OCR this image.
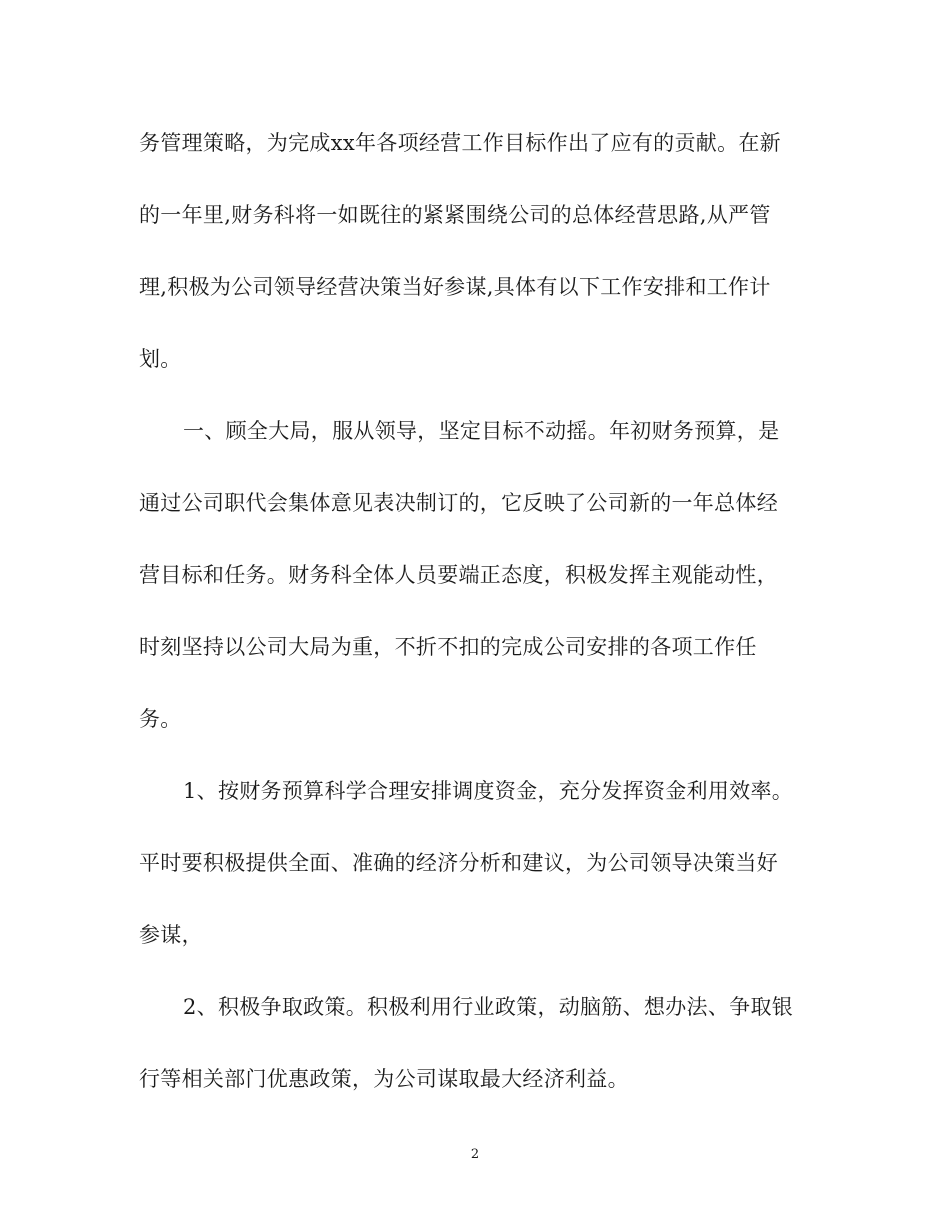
务管理策略，为完成xx年各项经营工作目标作出了应有的贡献。在新
的一年里,财务科将一如既往的紧紧围绕公司的总体经营思路,从严管
理,积极为公司领导经营决策当好参谋,具体有以下工作安排和工作计
划。
一、顾全大局，服从领导，坚定目标不动摇。年初财务预算，是
通过公司职代会集体意见表决制订的，它反映了公司新的一年总体经
营目标和任务。财务科全体人员要端正态度，积极发挥主观能动性，
时刻坚持以公司大局为重，不折不扣的完成公司安排的各项工作任
务。
1、按财务预算科学合理安排调度资金，充分发挥资金利用效率。
平时要积极提供全面、准确的经济分析和建议，为公司领导决策当好
参谋，
2、积极争取政策。积极利用行业政策，动脑筋、想办法、争取银
行等相关部门优惠政策，为公司谋取最大经济利益。
2
